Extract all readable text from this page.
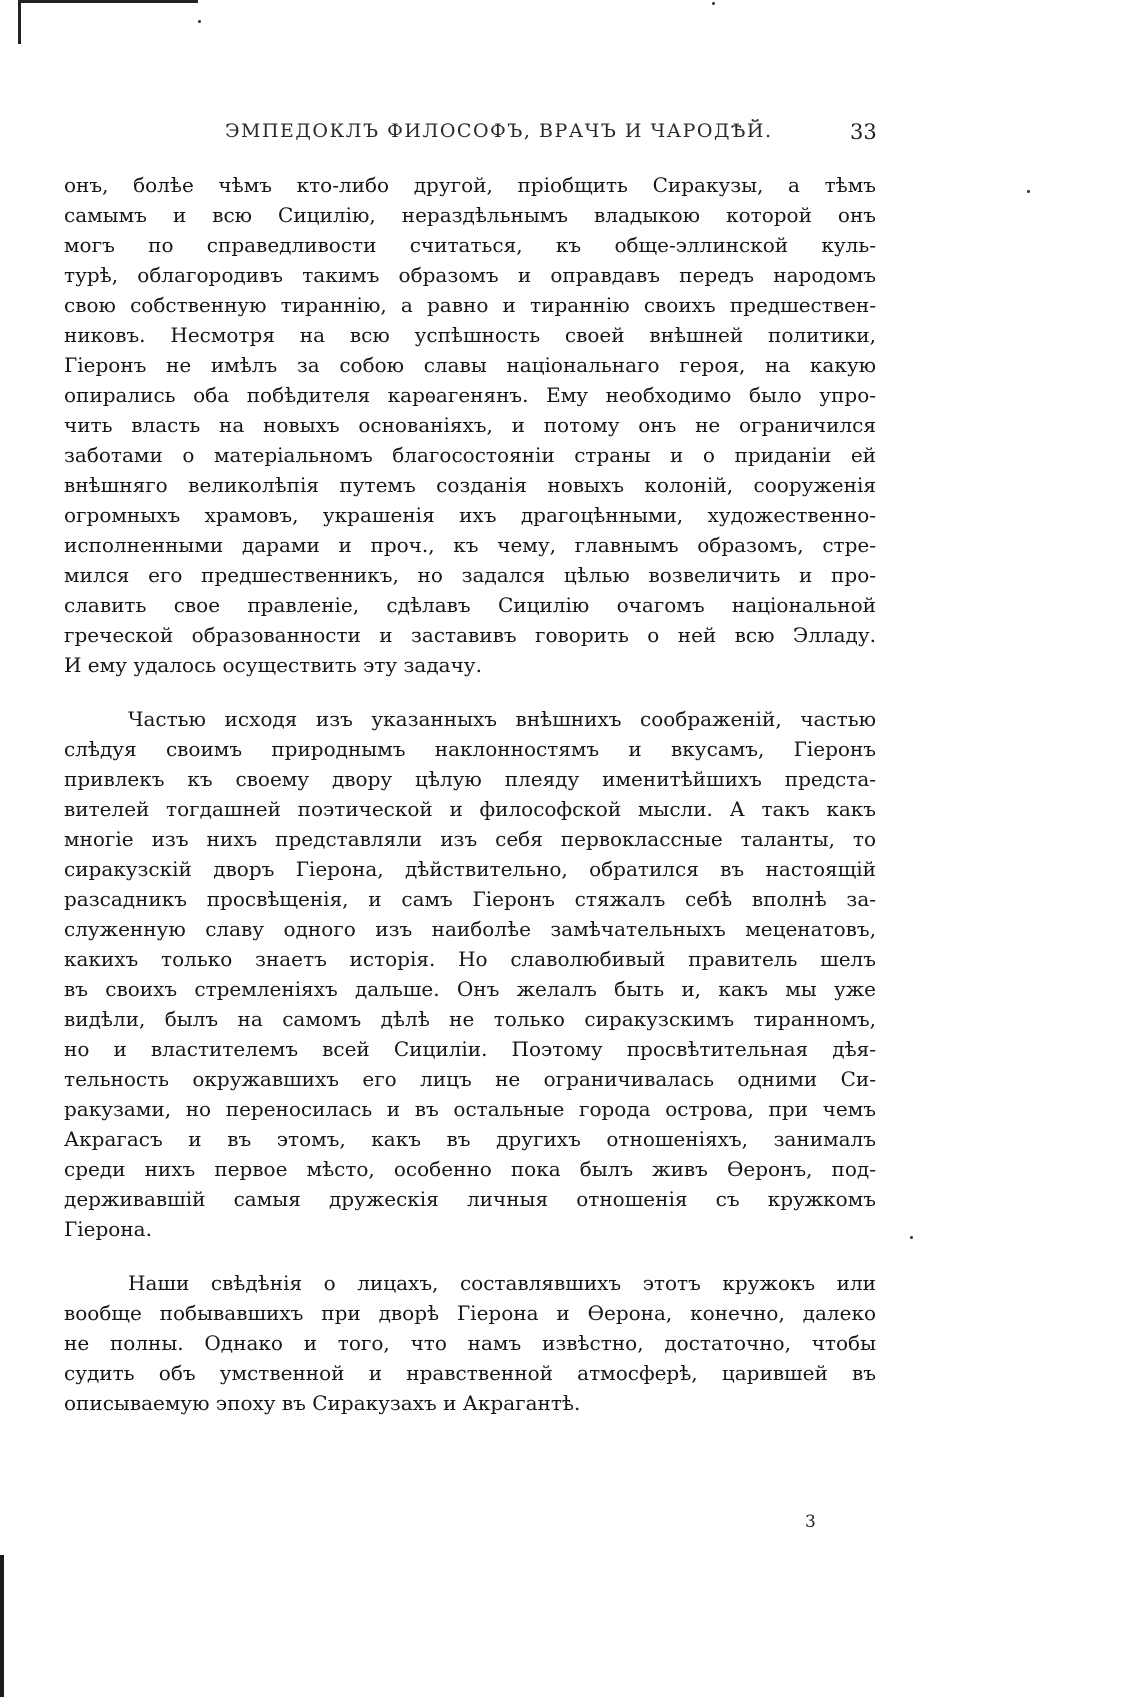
ЭМПЕДОКЛЪ ФИЛОСОФЪ, ВРАЧЪ И ЧАРОДѢЙ.	33
онъ, болѣе чѣмъ кто-либо другой, пріобщить Сиракузы, а тѣмъ
самымъ и всю Сицилію, нераздѣльнымъ владыкою которой онъ
могъ по справедливости считаться, къ обще-эллинской куль-
турѣ, облагородивъ такимъ образомъ и оправдавъ передъ народомъ
свою собственную тираннію, а равно и тираннію своихъ предшествен-
никовъ. Несмотря на всю успѣшность своей внѣшней политики,
Гіеронъ не имѣлъ за собою славы національнаго героя, на какую
опирались оба побѣдителя карѳагенянъ. Ему необходимо было упро-
чить власть на новыхъ основаніяхъ, и потому онъ не ограничился
заботами о матеріальномъ благосостояніи страны и о приданіи ей
внѣшняго великолѣпія путемъ созданія новыхъ колоній, сооруженія
огромныхъ храмовъ, украшенія ихъ драгоцѣнными, художественно-
исполненными дарами и проч., къ чему, главнымъ образомъ, стре-
мился его предшественникъ, но задался цѣлью возвеличить и про-
славить свое правленіе, сдѣлавъ Сицилію очагомъ національной
греческой образованности и заставивъ говорить о ней всю Элладу.
И ему удалось осуществить эту задачу.
Частью исходя изъ указанныхъ внѣшнихъ соображеній, частью
слѣдуя своимъ природнымъ наклонностямъ и вкусамъ, Гіеронъ
привлекъ къ своему двору цѣлую плеяду именитѣйшихъ предста-
вителей тогдашней поэтической и философской мысли. А такъ какъ
многіе изъ нихъ представляли изъ себя первоклассные таланты, то
сиракузскій дворъ Гіерона, дѣйствительно, обратился въ настоящій
разсадникъ просвѣщенія, и самъ Гіеронъ стяжалъ себѣ вполнѣ за-
служенную славу одного изъ наиболѣе замѣчательныхъ меценатовъ,
какихъ только знаетъ исторія. Но славолюбивый правитель шелъ
въ своихъ стремленіяхъ дальше. Онъ желалъ быть и, какъ мы уже
видѣли, былъ на самомъ дѣлѣ не только сиракузскимъ тиранномъ,
но и властителемъ всей Сициліи. Поэтому просвѣтительная дѣя-
тельность окружавшихъ его лицъ не ограничивалась одними Си-
ракузами, но переносилась и въ остальные города острова, при чемъ
Акрагасъ и въ этомъ, какъ въ другихъ отношеніяхъ, занималъ
среди нихъ первое мѣсто, особенно пока былъ живъ Ѳеронъ, под-
держивавшій самыя дружескія личныя отношенія съ кружкомъ
Гіерона.
Наши свѣдѣнія о лицахъ, составлявшихъ этотъ кружокъ или
вообще побывавшихъ при дворѣ Гіерона и Ѳерона, конечно, далеко
не полны. Однако и того, что намъ извѣстно, достаточно, чтобы
судить объ умственной и нравственной атмосферѣ, царившей въ
описываемую эпоху въ Сиракузахъ и Акрагантѣ.
3
